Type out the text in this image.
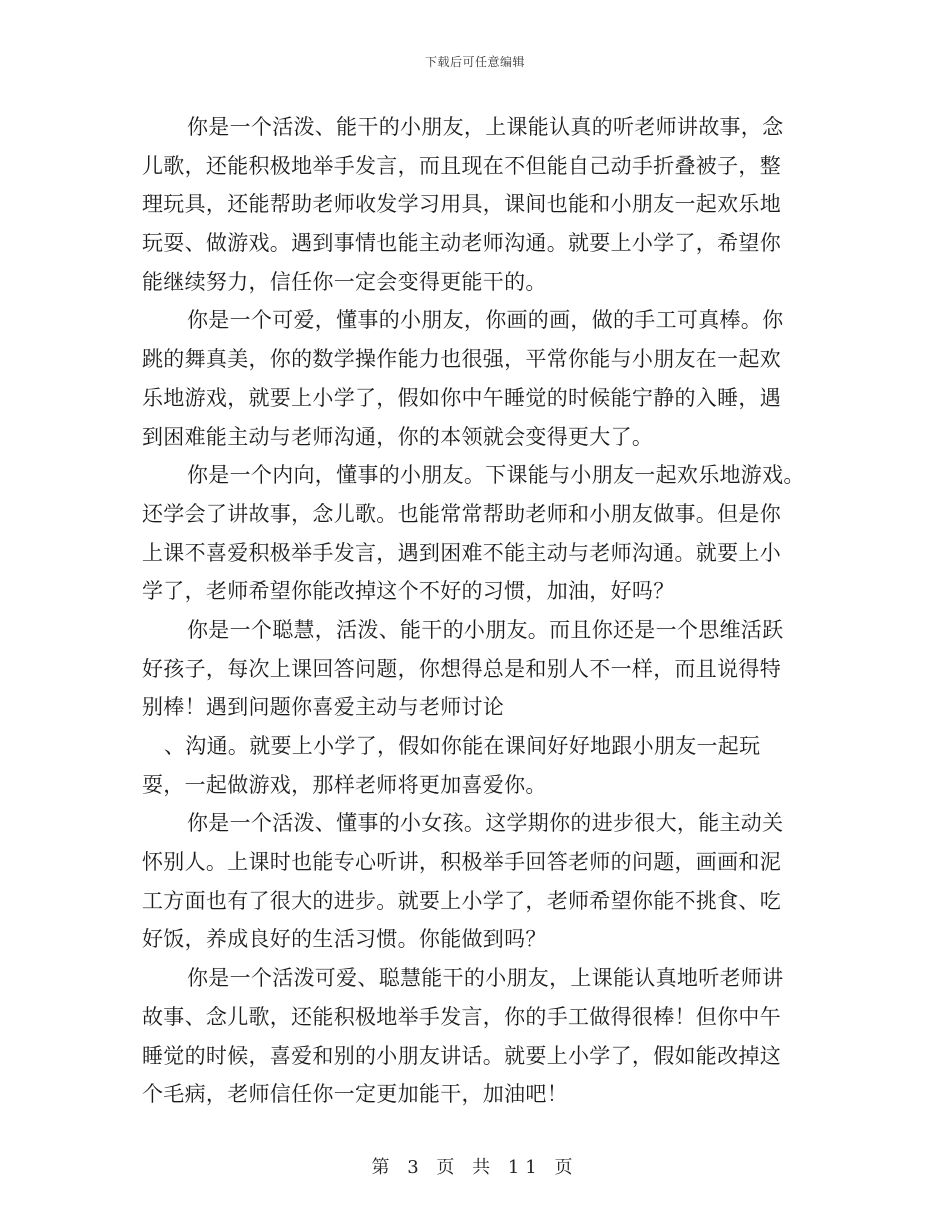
下载后可任意编辑
你是一个活泼、能干的小朋友，上课能认真的听老师讲故事，念
儿歌，还能积极地举手发言，而且现在不但能自己动手折叠被子，整
理玩具，还能帮助老师收发学习用具，课间也能和小朋友一起欢乐地
玩耍、做游戏。遇到事情也能主动老师沟通。就要上小学了，希望你
能继续努力，信任你一定会变得更能干的。
你是一个可爱，懂事的小朋友，你画的画，做的手工可真棒。你
跳的舞真美，你的数学操作能力也很强，平常你能与小朋友在一起欢
乐地游戏，就要上小学了，假如你中午睡觉的时候能宁静的入睡，遇
到困难能主动与老师沟通，你的本领就会变得更大了。
你是一个内向，懂事的小朋友。下课能与小朋友一起欢乐地游戏。
还学会了讲故事，念儿歌。也能常常帮助老师和小朋友做事。但是你
上课不喜爱积极举手发言，遇到困难不能主动与老师沟通。就要上小
学了，老师希望你能改掉这个不好的习惯，加油，好吗？
你是一个聪慧，活泼、能干的小朋友。而且你还是一个思维活跃
好孩子，每次上课回答问题，你想得总是和别人不一样，而且说得特
别棒！遇到问题你喜爱主动与老师讨论
、沟通。就要上小学了，假如你能在课间好好地跟小朋友一起玩
耍，一起做游戏，那样老师将更加喜爱你。
你是一个活泼、懂事的小女孩。这学期你的进步很大，能主动关
怀别人。上课时也能专心听讲，积极举手回答老师的问题，画画和泥
工方面也有了很大的进步。就要上小学了，老师希望你能不挑食、吃
好饭，养成良好的生活习惯。你能做到吗？
你是一个活泼可爱、聪慧能干的小朋友，上课能认真地听老师讲
故事、念儿歌，还能积极地举手发言，你的手工做得很棒！但你中午
睡觉的时候，喜爱和别的小朋友讲话。就要上小学了，假如能改掉这
个毛病，老师信任你一定更加能干，加油吧！
第 3 页 共 11 页
